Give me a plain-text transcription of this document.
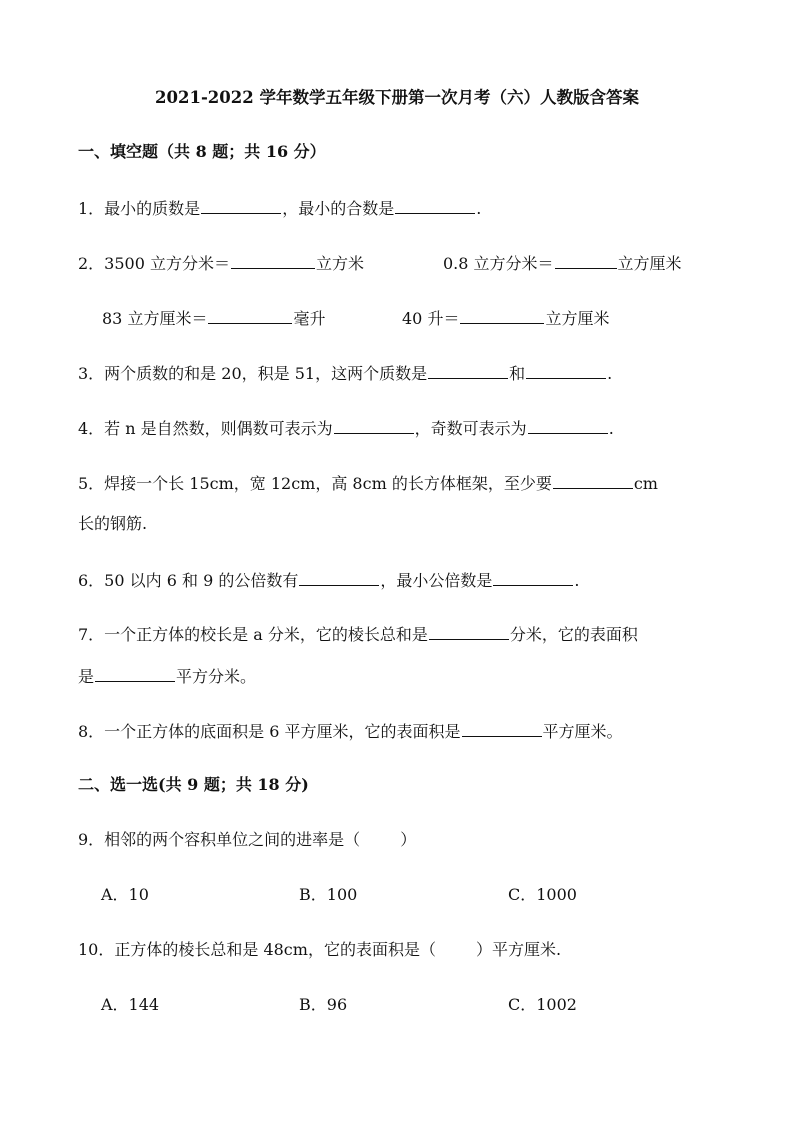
2021-2022 学年数学五年级下册第一次月考（六）人教版含答案
一、填空题（共 8 题；共 16 分）
1．最小的质数是	，最小的合数是	.
2．3500 立方分米＝	立方米	0.8 立方分米＝	立方厘米
83 立方厘米＝	毫升	40 升＝	立方厘米
3．两个质数的和是 20，积是 51，这两个质数是	和	.
4．若 n 是自然数，则偶数可表示为	，奇数可表示为	.
5．焊接一个长 15cm，宽 12cm，高 8cm 的长方体框架，至少要	cm
长的钢筋.
6．50 以内 6 和 9 的公倍数有	，最小公倍数是	.
7．一个正方体的校长是 a 分米，它的棱长总和是	分米，它的表面积
是	平方分米。
8．一个正方体的底面积是 6 平方厘米，它的表面积是	平方厘米。
二、选一选(共 9 题；共 18 分)
9．相邻的两个容积单位之间的进率是（	）
A．10	B．100	C．1000
10．正方体的棱长总和是 48cm，它的表面积是（	）平方厘米.
A．144	B．96	C．1002
